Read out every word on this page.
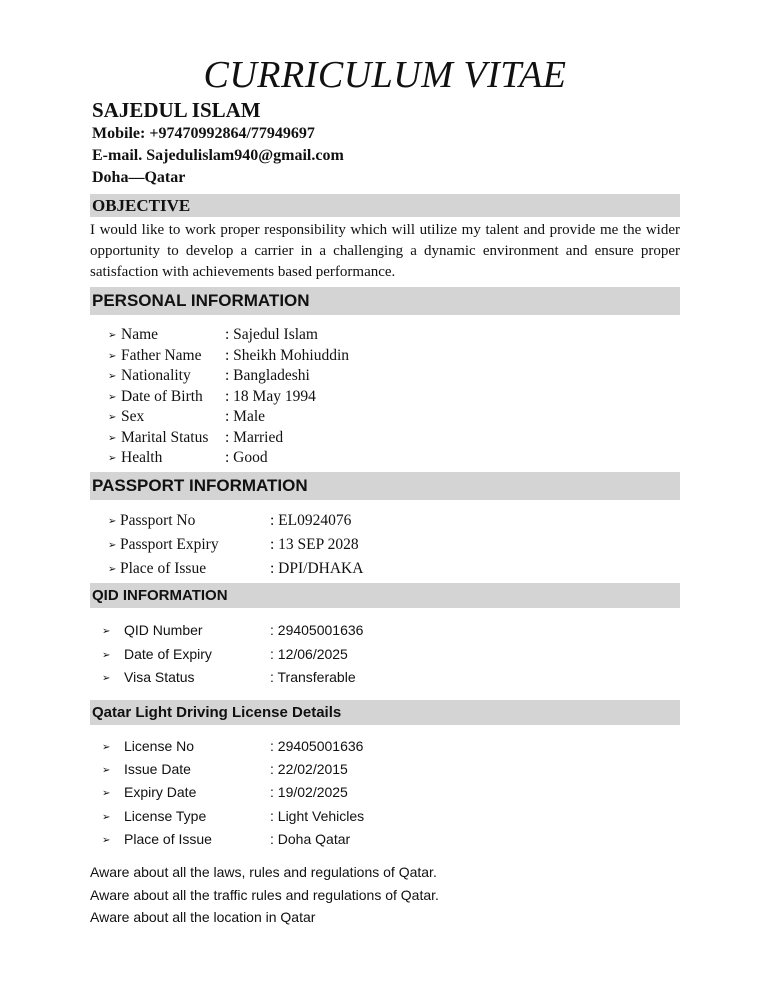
CURRICULUM VITAE
SAJEDUL ISLAM
Mobile: +97470992864/77949697
E-mail. Sajedulislam940@gmail.com
Doha—Qatar
OBJECTIVE
I would like to work proper responsibility which will utilize my talent and provide me the wider opportunity to develop a carrier in a challenging a dynamic environment and ensure proper satisfaction with achievements based performance.
PERSONAL INFORMATION
➢ Name	: Sajedul Islam
➢ Father Name : Sheikh Mohiuddin
➢ Nationality : Bangladeshi
➢ Date of Birth : 18 May 1994
➢ Sex	: Male
➢ Marital Status : Married
➢ Health	: Good
PASSPORT INFORMATION
➢ Passport No	: EL0924076
➢ Passport Expiry	: 13 SEP 2028
➢ Place of Issue	: DPI/DHAKA
QID INFORMATION
➢ QID Number	: 29405001636
➢ Date of Expiry	: 12/06/2025
➢ Visa Status	: Transferable
Qatar Light Driving License Details
➢ License No	: 29405001636
➢ Issue Date	: 22/02/2015
➢ Expiry Date	: 19/02/2025
➢ License Type	: Light Vehicles
➢ Place of Issue	: Doha Qatar
Aware about all the laws, rules and regulations of Qatar.
Aware about all the traffic rules and regulations of Qatar.
Aware about all the location in Qatar
